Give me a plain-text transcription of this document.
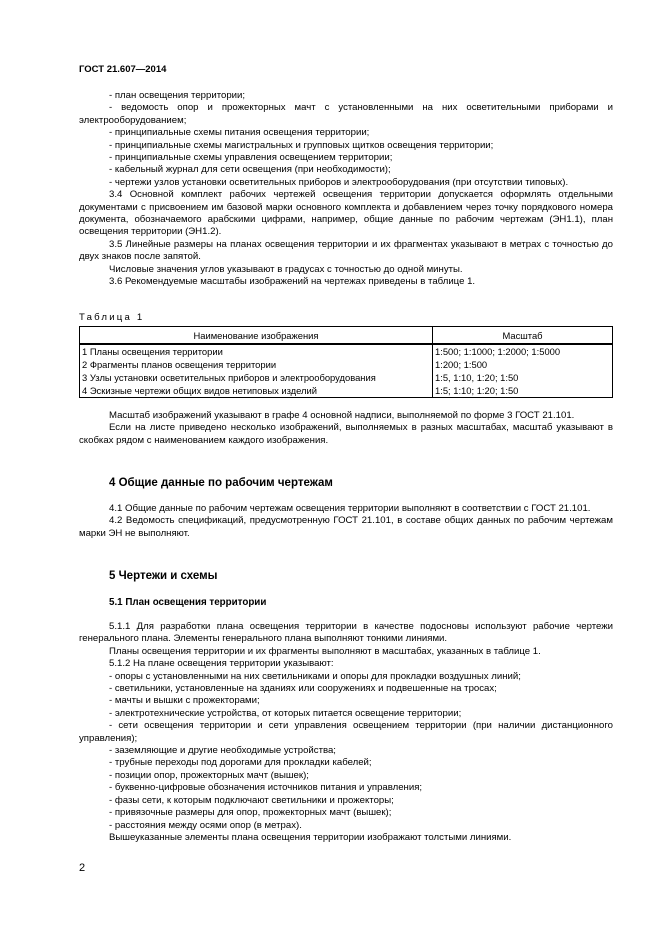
ГОСТ 21.607—2014

- план освещения территории;

- ведомость опор и прожекторных мачт с установленными на них осветительными приборами и электрооборудованием;

- принципиальные схемы питания освещения территории;

- принципиальные схемы магистральных и групповых щитков освещения территории;

- принципиальные схемы управления освещением территории;

- кабельный журнал для сети освещения (при необходимости);

- чертежи узлов установки осветительных приборов и электрооборудования (при отсутствии типовых).

3.4 Основной комплект рабочих чертежей освещения территории допускается оформлять отдельными документами с присвоением им базовой марки основного комплекта и добавлением через точку порядкового номера документа, обозначаемого арабскими цифрами, например, общие данные по рабочим чертежам (ЭН1.1), план освещения территории (ЭН1.2).

3.5 Линейные размеры на планах освещения территории и их фрагментах указывают в метрах с точностью до двух знаков после запятой.

Числовые значения углов указывают в градусах с точностью до одной минуты.

3.6 Рекомендуемые масштабы изображений на чертежах приведены в таблице 1.

Таблица 1
Наименование изображения	Масштаб
1 Планы освещения территории	1:500; 1:1000; 1:2000; 1:5000
2 Фрагменты планов освещения территории	1:200; 1:500
3 Узлы установки осветительных приборов и электрооборудования	1:5, 1:10, 1:20; 1:50
4 Эскизные чертежи общих видов нетиповых изделий	1:5; 1:10; 1:20; 1:50

Масштаб изображений указывают в графе 4 основной надписи, выполняемой по форме 3 ГОСТ 21.101.

Если на листе приведено несколько изображений, выполняемых в разных масштабах, масштаб указывают в скобках рядом с наименованием каждого изображения.

4 Общие данные по рабочим чертежам

4.1 Общие данные по рабочим чертежам освещения территории выполняют в соответствии с ГОСТ 21.101.

4.2 Ведомость спецификаций, предусмотренную ГОСТ 21.101, в составе общих данных по рабочим чертежам марки ЭН не выполняют.

5 Чертежи и схемы
5.1 План освещения территории

5.1.1 Для разработки плана освещения территории в качестве подосновы используют рабочие чертежи генерального плана. Элементы генерального плана выполняют тонкими линиями.

Планы освещения территории и их фрагменты выполняют в масштабах, указанных в таблице 1.

5.1.2 На плане освещения территории указывают:

- опоры с установленными на них светильниками и опоры для прокладки воздушных линий;

- светильники, установленные на зданиях или сооружениях и подвешенные на тросах;

- мачты и вышки с прожекторами;

- электротехнические устройства, от которых питается освещение территории;

- сети освещения территории и сети управления освещением территории (при наличии дистанционного управления);

- заземляющие и другие необходимые устройства;

- трубные переходы под дорогами для прокладки кабелей;

- позиции опор, прожекторных мачт (вышек);

- буквенно-цифровые обозначения источников питания и управления;

- фазы сети, к которым подключают светильники и прожекторы;

- привязочные размеры для опор, прожекторных мачт (вышек);

- расстояния между осями опор (в метрах).

Вышеуказанные элементы плана освещения территории изображают толстыми линиями.

2
